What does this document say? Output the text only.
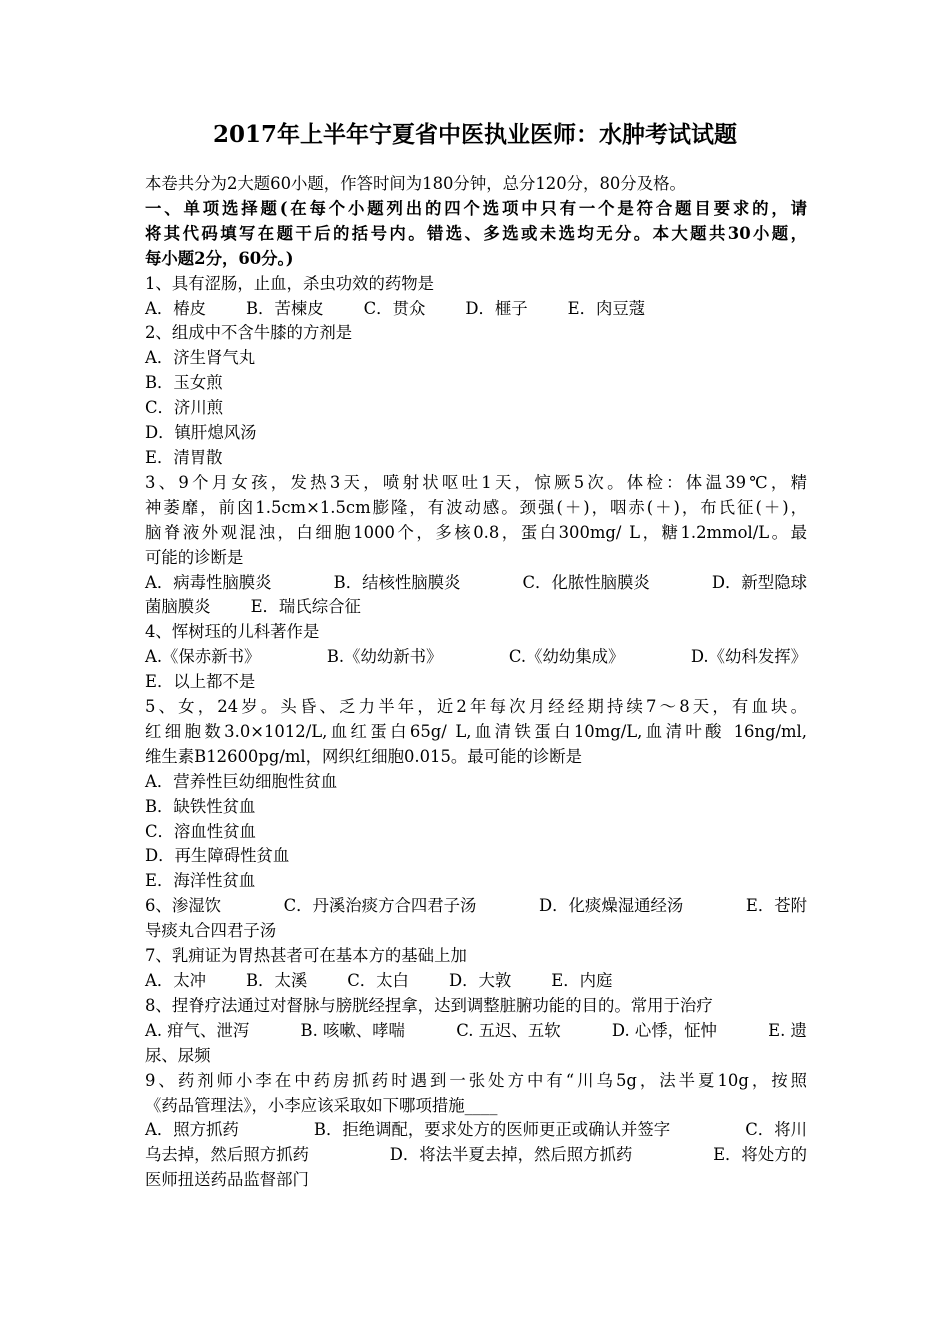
2017年上半年宁夏省中医执业医师：水肿考试试题
本卷共分为2大题60小题，作答时间为180分钟，总分120分，80分及格。
一、单项选择题(在每个小题列出的四个选项中只有一个是符合题目要求的，请
将其代码填写在题干后的括号内。错选、多选或未选均无分。本大题共30小题，
每小题2分，60分。)
1、具有涩肠，止血，杀虫功效的药物是
A．椿皮 B．苦楝皮 C．贯众 D．榧子 E．肉豆蔻
2、组成中不含牛膝的方剂是
A．济生肾气丸
B．玉女煎
C．济川煎
D．镇肝熄风汤
E．清胃散
3、9个月女孩，发热3天，喷射状呕吐1天，惊厥5次。体检：体温39℃，精
神萎靡，前囟1.5cm×1.5cm膨隆，有波动感。颈强(＋)，咽赤(＋)，布氏征(＋)，
脑脊液外观混浊，白细胞1000个，多核0.8，蛋白300mg/ L，糖1.2mmol/L。最
可能的诊断是
A．病毒性脑膜炎	B．结核性脑膜炎	C．化脓性脑膜炎	D．新型隐球
菌脑膜炎 E．瑞氏综合征
4、恽树珏的儿科著作是
A.《保赤新书》	B.《幼幼新书》	C.《幼幼集成》	D.《幼科发挥》
E．以上都不是
5、女，24岁。头昏、乏力半年，近2年每次月经经期持续7～8天，有血块。
红细胞数3.0×1012/L,血红蛋白65g/ L,血清铁蛋白10mg/L,血清叶酸 16ng/ml,
维生素B12600pg/ml，网织红细胞0.015。最可能的诊断是
A．营养性巨幼细胞性贫血
B．缺铁性贫血
C．溶血性贫血
D．再生障碍性贫血
E．海洋性贫血
6、渗湿饮	C．丹溪治痰方合四君子汤	D．化痰燥湿通经汤	E．苍附
导痰丸合四君子汤
7、乳痈证为胃热甚者可在基本方的基础上加
A．太冲 B．太溪 C．太白 D．大敦 E．内庭
8、捏脊疗法通过对督脉与膀胱经捏拿，达到调整脏腑功能的目的。常用于治疗
A. 疳气、泄泻	B. 咳嗽、哮喘	C. 五迟、五软	D. 心悸，怔忡	E. 遗
尿、尿频
9、药剂师小李在中药房抓药时遇到一张处方中有“川乌5g，法半夏10g，按照
《药品管理法》，小李应该采取如下哪项措施____
A．照方抓药	B．拒绝调配，要求处方的医师更正或确认并签字	C．将川
乌去掉，然后照方抓药	D．将法半夏去掉，然后照方抓药	E．将处方的
医师扭送药品监督部门
